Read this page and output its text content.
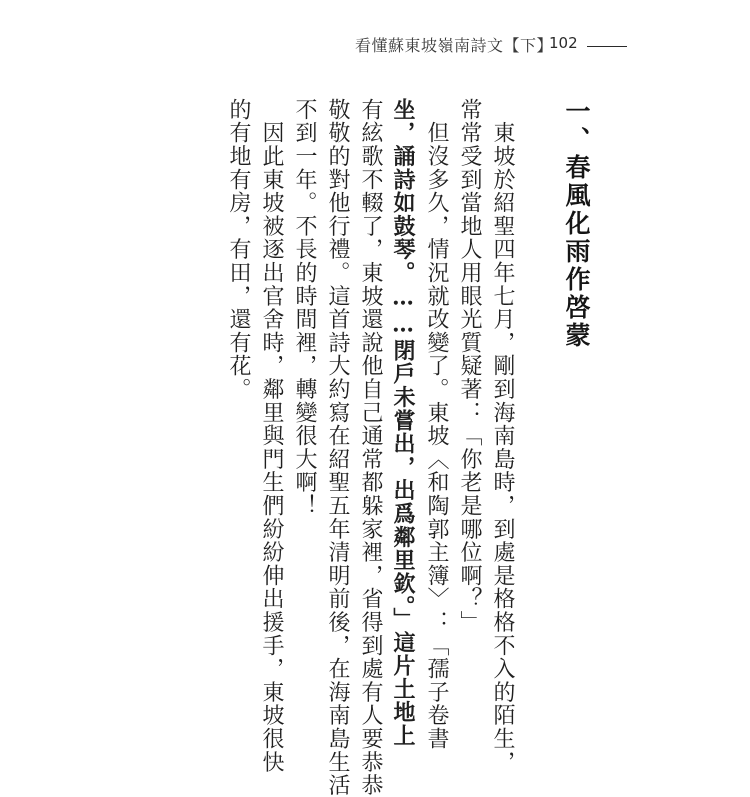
看懂蘇東坡嶺南詩文【下】
102
一、春風化雨作啓蒙
　東坡於紹聖四年七月，剛到海南島時，到處是格格不入的陌生，
常常受到當地人用眼光質疑著：「你老是哪位啊？」
　但沒多久，情況就改變了。東坡〈和陶郭主簿〉：「孺子卷書
坐，誦詩如鼓琴。……閉戶未嘗出，出爲鄰里欽。」這片土地上
有絃歌不輟了，東坡還說他自己通常都躲家裡，省得到處有人要恭恭
敬敬的對他行禮。這首詩大約寫在紹聖五年清明前後，在海南島生活
不到一年。不長的時間裡，轉變很大啊！
　因此東坡被逐出官舍時，鄰里與門生們紛紛伸出援手，東坡很快
的有地有房，有田，還有花。
